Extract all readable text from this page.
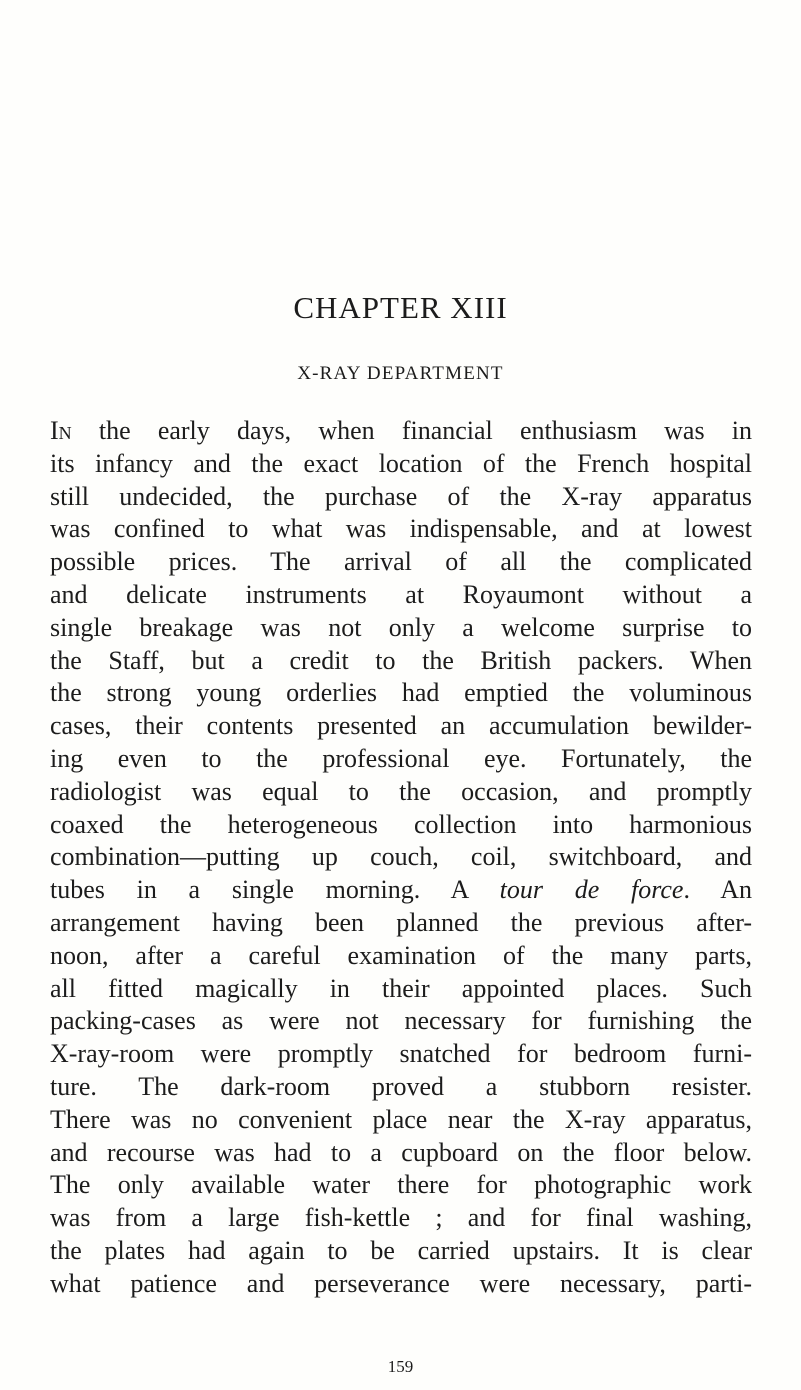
CHAPTER XIII
X-RAY DEPARTMENT
In the early days, when financial enthusiasm was in
its infancy and the exact location of the French hospital
still undecided, the purchase of the X-ray apparatus
was confined to what was indispensable, and at lowest
possible prices. The arrival of all the complicated
and delicate instruments at Royaumont without a
single breakage was not only a welcome surprise to
the Staff, but a credit to the British packers. When
the strong young orderlies had emptied the voluminous
cases, their contents presented an accumulation bewilder-
ing even to the professional eye. Fortunately, the
radiologist was equal to the occasion, and promptly
coaxed the heterogeneous collection into harmonious
combination—putting up couch, coil, switchboard, and
tubes in a single morning. A tour de force. An
arrangement having been planned the previous after-
noon, after a careful examination of the many parts,
all fitted magically in their appointed places. Such
packing-cases as were not necessary for furnishing the
X-ray-room were promptly snatched for bedroom furni-
ture. The dark-room proved a stubborn resister.
There was no convenient place near the X-ray apparatus,
and recourse was had to a cupboard on the floor below.
The only available water there for photographic work
was from a large fish-kettle ; and for final washing,
the plates had again to be carried upstairs. It is clear
what patience and perseverance were necessary, parti-
159
